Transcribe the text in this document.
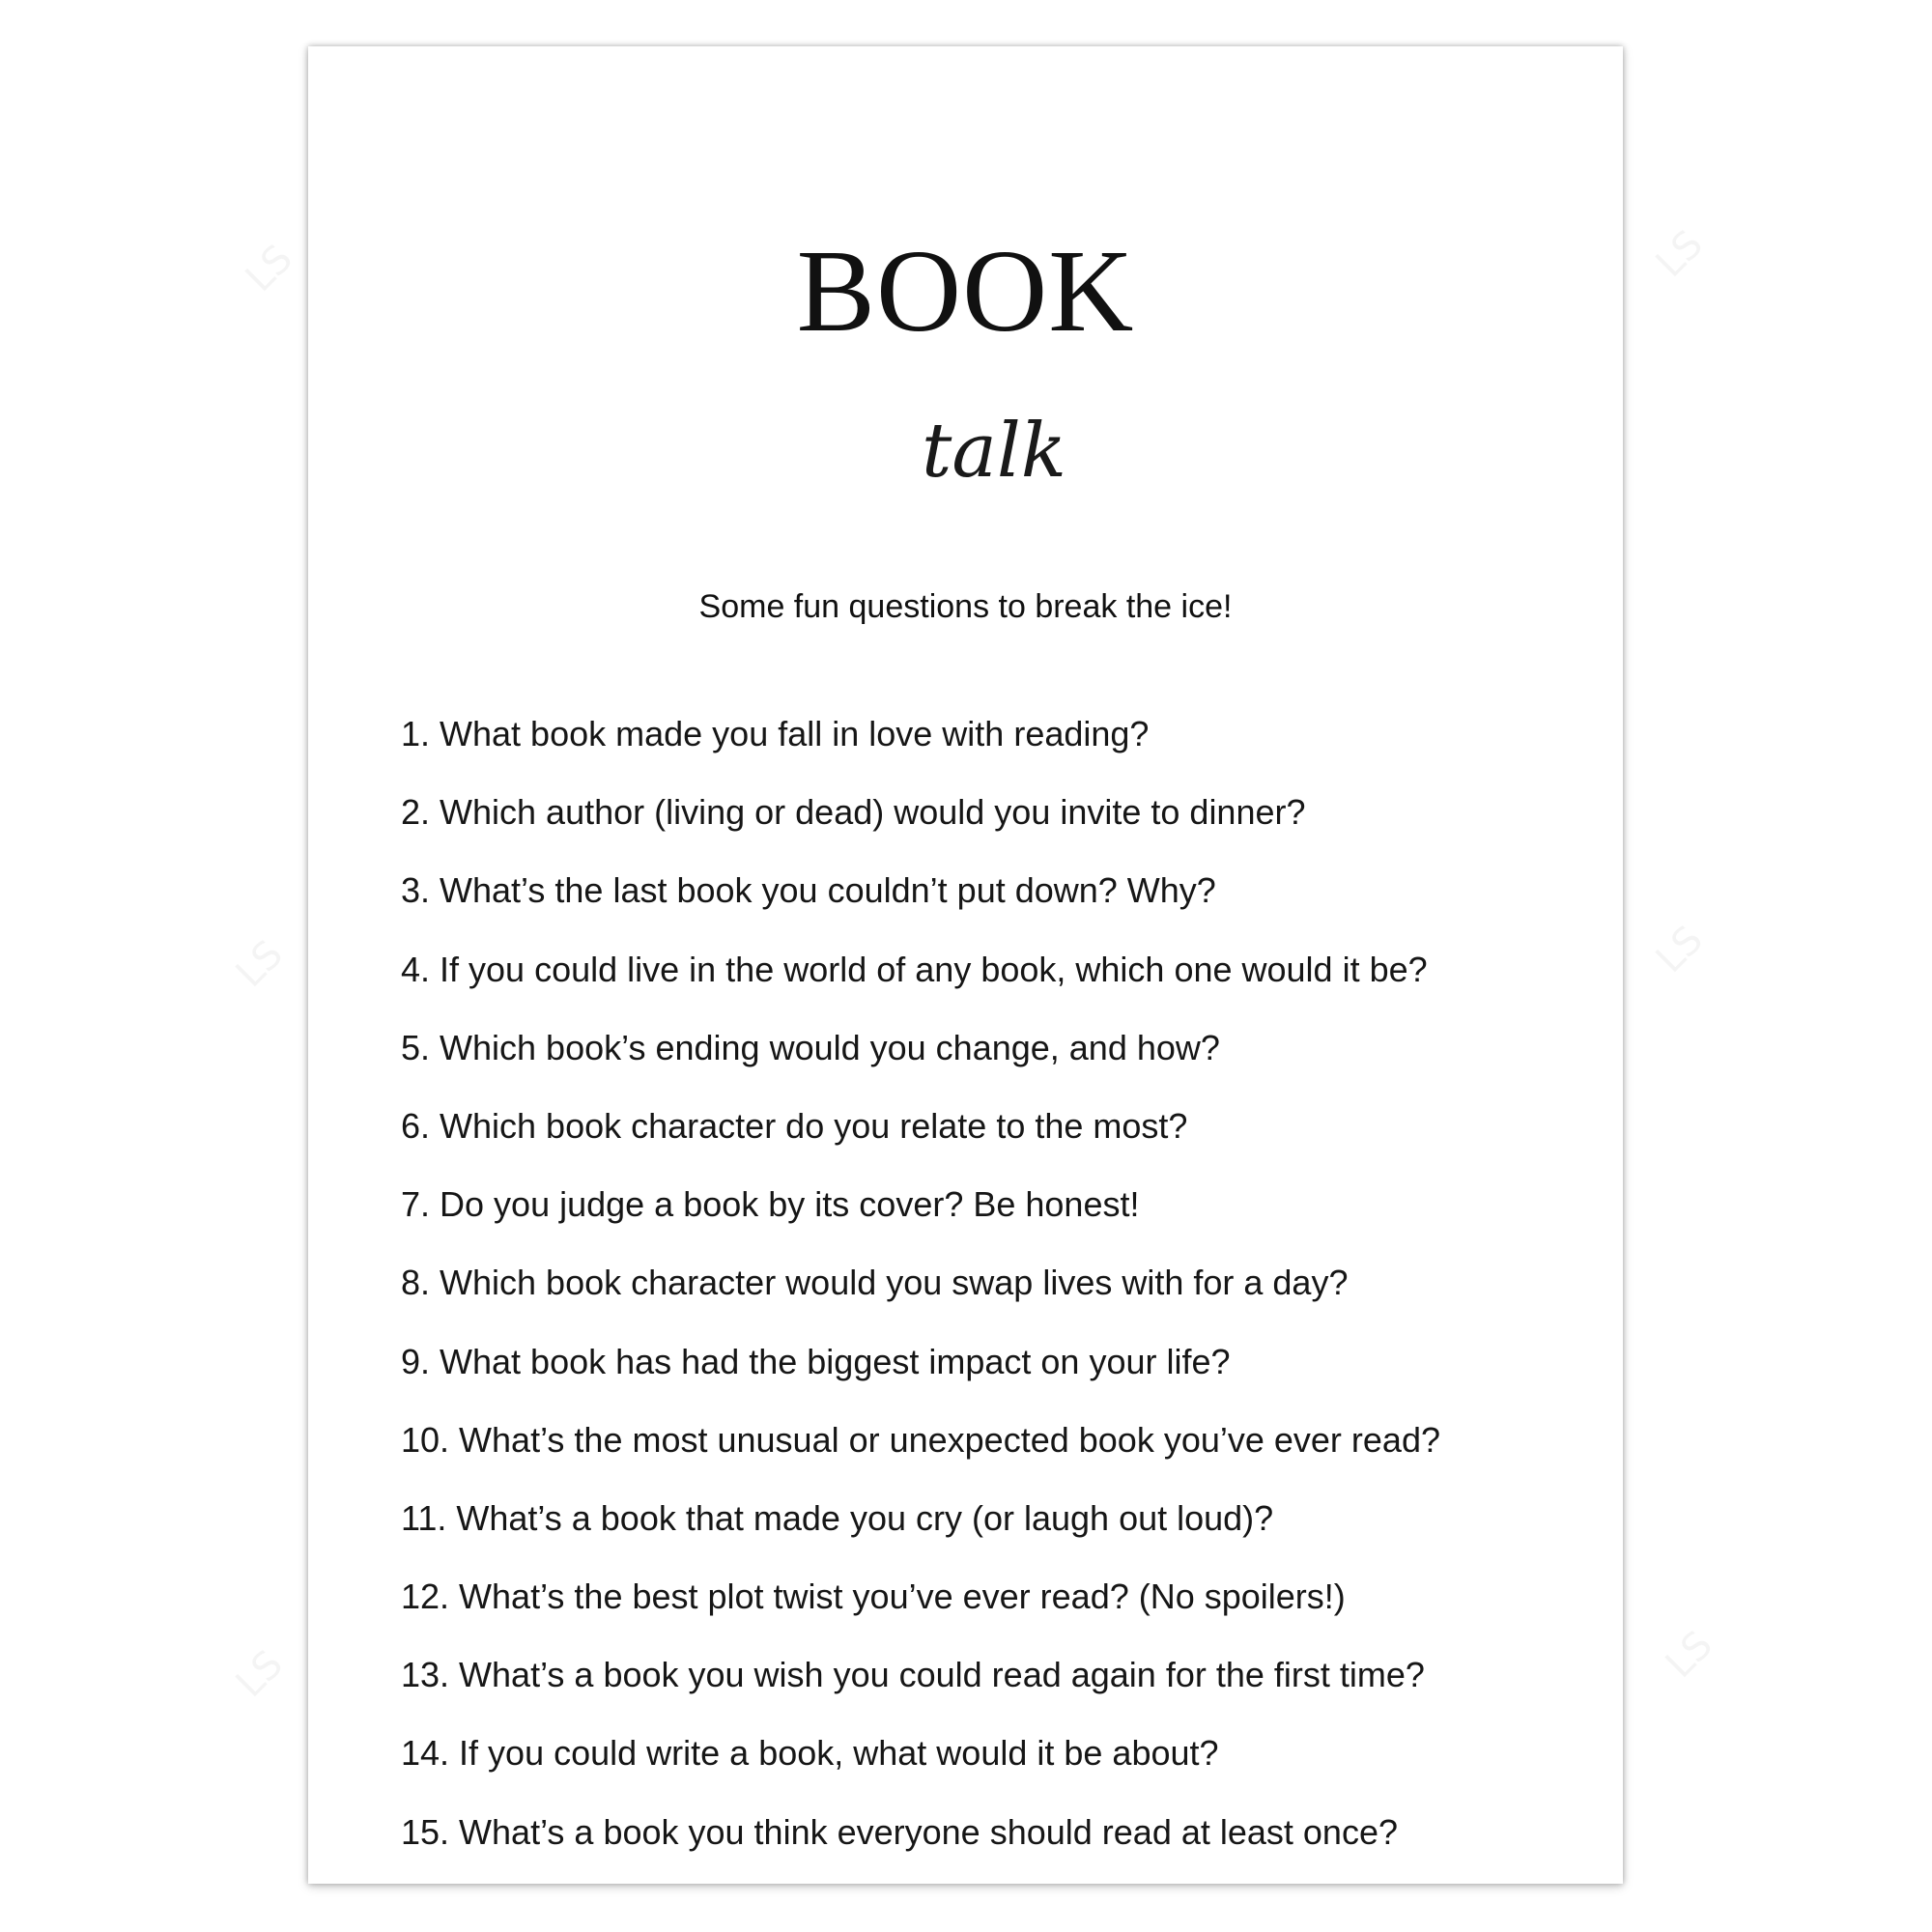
BOOK
talk

Some fun questions to break the ice!

1. What book made you fall in love with reading?
2. Which author (living or dead) would you invite to dinner?
3. What’s the last book you couldn’t put down? Why?
4. If you could live in the world of any book, which one would it be?
5. Which book’s ending would you change, and how?
6. Which book character do you relate to the most?
7. Do you judge a book by its cover? Be honest!
8. Which book character would you swap lives with for a day?
9. What book has had the biggest impact on your life?
10. What’s the most unusual or unexpected book you’ve ever read?
11. What’s a book that made you cry (or laugh out loud)?
12. What’s the best plot twist you’ve ever read? (No spoilers!)
13. What’s a book you wish you could read again for the first time?
14. If you could write a book, what would it be about?
15. What’s a book you think everyone should read at least once?
